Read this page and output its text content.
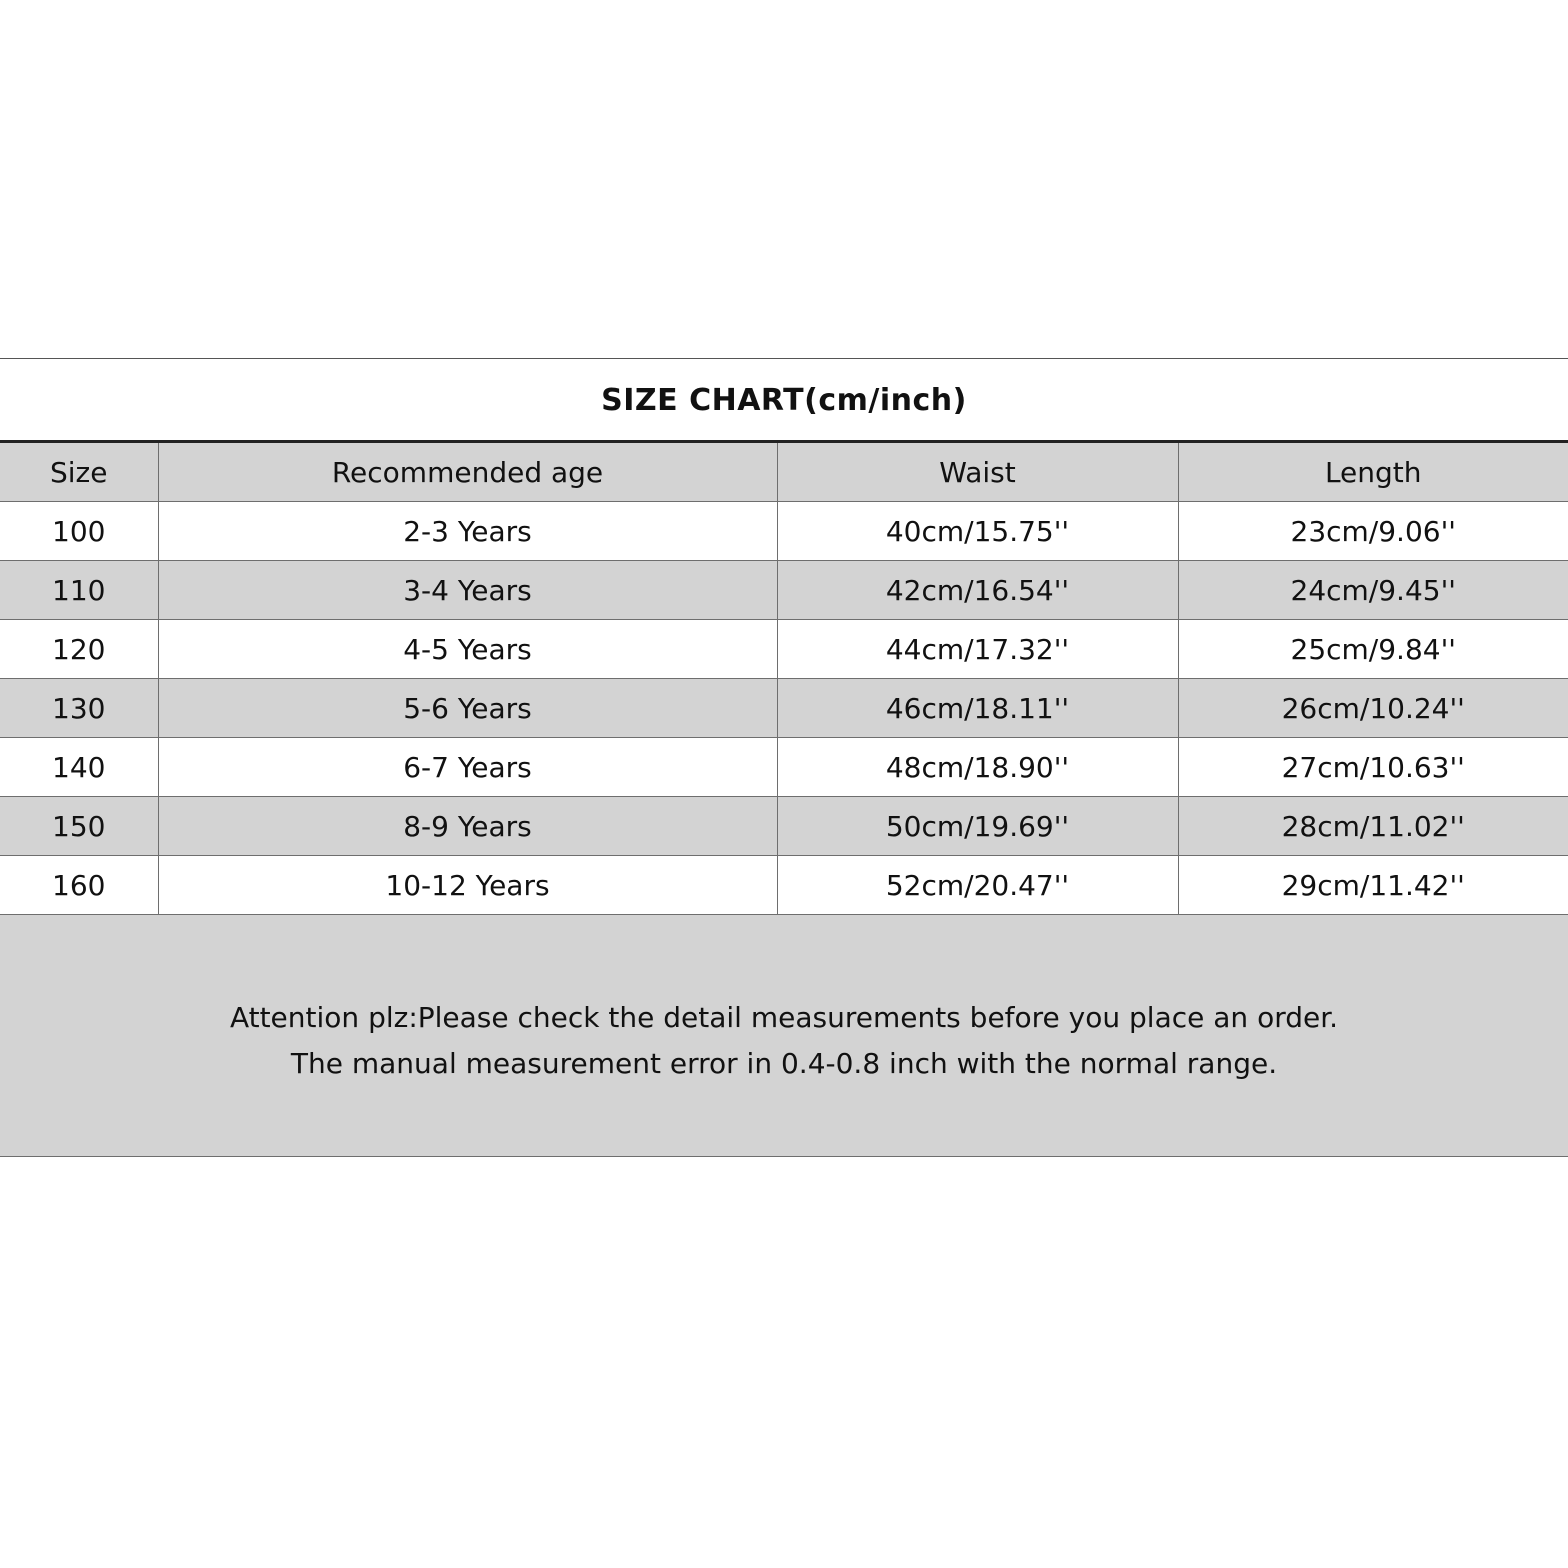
SIZE CHART(cm/inch)
Size	Recommended age	Waist	Length
100	2-3 Years	40cm/15.75''	23cm/9.06''
110	3-4 Years	42cm/16.54''	24cm/9.45''
120	4-5 Years	44cm/17.32''	25cm/9.84''
130	5-6 Years	46cm/18.11''	26cm/10.24''
140	6-7 Years	48cm/18.90''	27cm/10.63''
150	8-9 Years	50cm/19.69''	28cm/11.02''
160	10-12 Years	52cm/20.47''	29cm/11.42''
Attention plz:Please check the detail measurements before you place an order.
The manual measurement error in 0.4-0.8 inch with the normal range.
